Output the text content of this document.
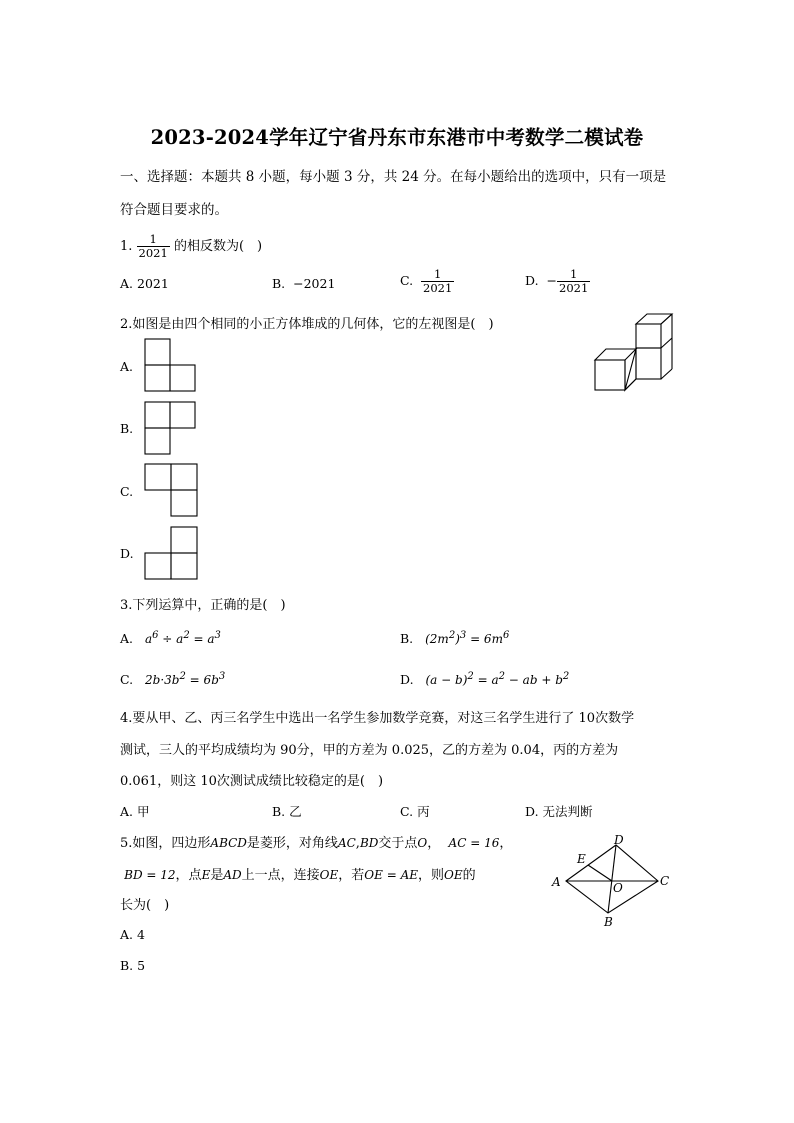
2023-2024学年辽宁省丹东市东港市中考数学二模试卷
一、选择题：本题共 8 小题，每小题 3 分，共 24 分。在每小题给出的选项中，只有一项是
符合题目要求的。
1. $\frac{1}{2021}$ 的相反数为(　)
A. 2021	B. −2021	C. $\frac{1}{2021}$	D. − $\frac{1}{2021}$
2.如图是由四个相同的小正方体堆成的几何体，它的左视图是(　)
A.
B.
C.
D.
3.下列运算中，正确的是(　)
A. $a^6 \div a^2 = a^3$	B. $(2m^2)^3 = 6m^6$
C. $2b\cdot 3b^2 = 6b^3$	D. $(a - b)^2 = a^2$ − ab + $b^2$
4.要从甲、乙、丙三名学生中选出一名学生参加数学竞赛，对这三名学生进行了 10次数学
测试，三人的平均成绩均为 90分，甲的方差为 0.025，乙的方差为 0.04，丙的方差为
0.061，则这 10次测试成绩比较稳定的是(　)
A. 甲	B. 乙	C. 丙	D. 无法判断
5.如图，四边形ABCD是菱形，对角线AC,BD交于点O， AC = 16，
BD = 12，点E是AD上一点，连接OE，若OE = AE，则OE的
长为(　)
A
D
C
B
E
O
A. 4
B. 5
